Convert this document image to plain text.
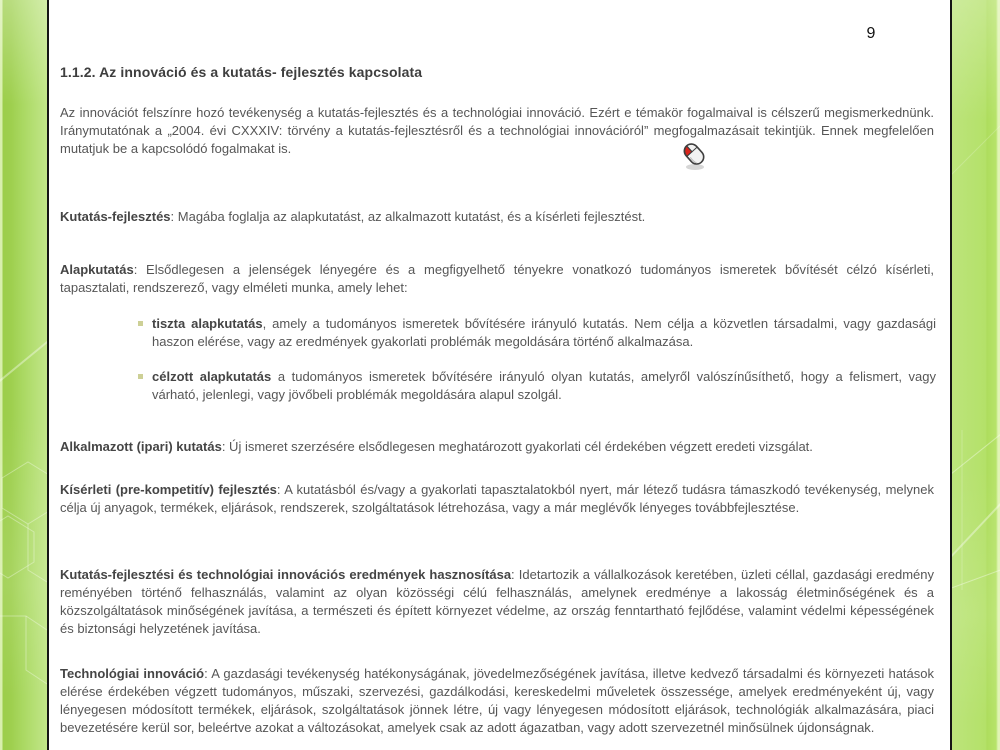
9
1.1.2. Az innováció és a kutatás- fejlesztés kapcsolata

Az innovációt felszínre hozó tevékenység a kutatás-fejlesztés és a technológiai innováció. Ezért e témakör fogalmaival is célszerű megismerkednünk. Iránymutatónak a „2004. évi CXXXIV: törvény a kutatás-fejlesztésről és a technológiai innovációról” megfogalmazásait tekintjük. Ennek megfelelően mutatjuk be a kapcsolódó fogalmakat is.

Kutatás-fejlesztés: Magába foglalja az alapkutatást, az alkalmazott kutatást, és a kísérleti fejlesztést.

Alapkutatás: Elsődlegesen a jelenségek lényegére és a megfigyelhető tényekre vonatkozó tudományos ismeretek bővítését célzó kísérleti, tapasztalati, rendszerező, vagy elméleti munka, amely lehet:

tiszta alapkutatás, amely a tudományos ismeretek bővítésére irányuló kutatás. Nem célja a közvetlen társadalmi, vagy gazdasági haszon elérése, vagy az eredmények gyakorlati problémák megoldására történő alkalmazása.
célzott alapkutatás a tudományos ismeretek bővítésére irányuló olyan kutatás, amelyről valószínűsíthető, hogy a felismert, vagy várható, jelenlegi, vagy jövőbeli problémák megoldására alapul szolgál.

Alkalmazott (ipari) kutatás: Új ismeret szerzésére elsődlegesen meghatározott gyakorlati cél érdekében végzett eredeti vizsgálat.

Kísérleti (pre-kompetitív) fejlesztés: A kutatásból és/vagy a gyakorlati tapasztalatokból nyert, már létező tudásra támaszkodó tevékenység, melynek célja új anyagok, termékek, eljárások, rendszerek, szolgáltatások létrehozása, vagy a már meglévők lényeges továbbfejlesztése.

Kutatás-fejlesztési és technológiai innovációs eredmények hasznosítása: Idetartozik a vállalkozások keretében, üzleti céllal, gazdasági eredmény reményében történő felhasználás, valamint az olyan közösségi célú felhasználás, amelynek eredménye a lakosság életminőségének és a közszolgáltatások minőségének javítása, a természeti és épített környezet védelme, az ország fenntartható fejlődése, valamint védelmi képességének és biztonsági helyzetének javítása.

Technológiai innováció: A gazdasági tevékenység hatékonyságának, jövedelmezőségének javítása, illetve kedvező társadalmi és környezeti hatások elérése érdekében végzett tudományos, műszaki, szervezési, gazdálkodási, kereskedelmi műveletek összessége, amelyek eredményeként új, vagy lényegesen módosított termékek, eljárások, szolgáltatások jönnek létre, új vagy lényegesen módosított eljárások, technológiák alkalmazására, piaci bevezetésére kerül sor, beleértve azokat a változásokat, amelyek csak az adott ágazatban, vagy adott szervezetnél minősülnek újdonságnak.
